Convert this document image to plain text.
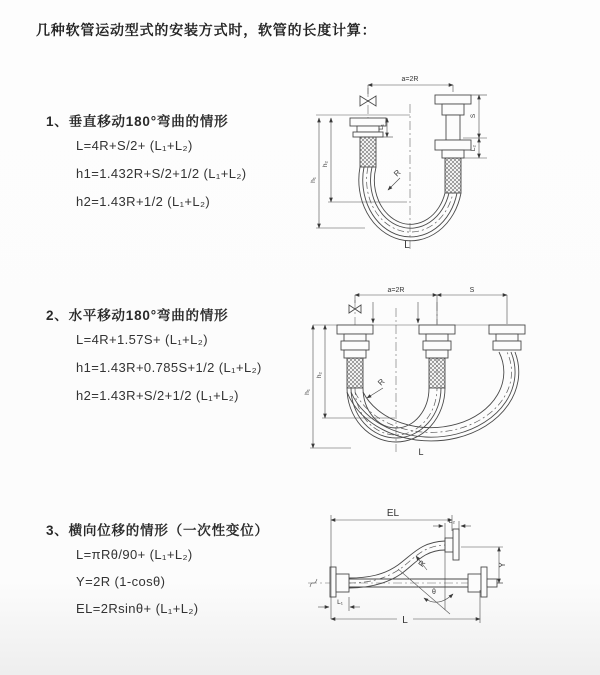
几种软管运动型式的安装方式时，软管的长度计算：
1、垂直移动180°弯曲的情形
L=4R+S/2+ (L₁+L₂)
h1=1.432R+S/2+1/2 (L₁+L₂)
h2=1.43R+1/2 (L₁+L₂)
2、水平移动180°弯曲的情形
L=4R+1.57S+ (L₁+L₂)
h1=1.43R+0.785S+1/2 (L₁+L₂)
h2=1.43R+S/2+1/2 (L₁+L₂)
3、横向位移的情形（一次性变位）
L=πRθ/90+ (L₁+L₂)
Y=2R (1-cosθ)
EL=2Rsinθ+ (L₁+L₂)
a=2R
S
L₂
L₁
h₂
h₁
R
L
a=2R	S
h₂
h₁
R
L
EL
L₂
L₁
Y
θ
R
L
